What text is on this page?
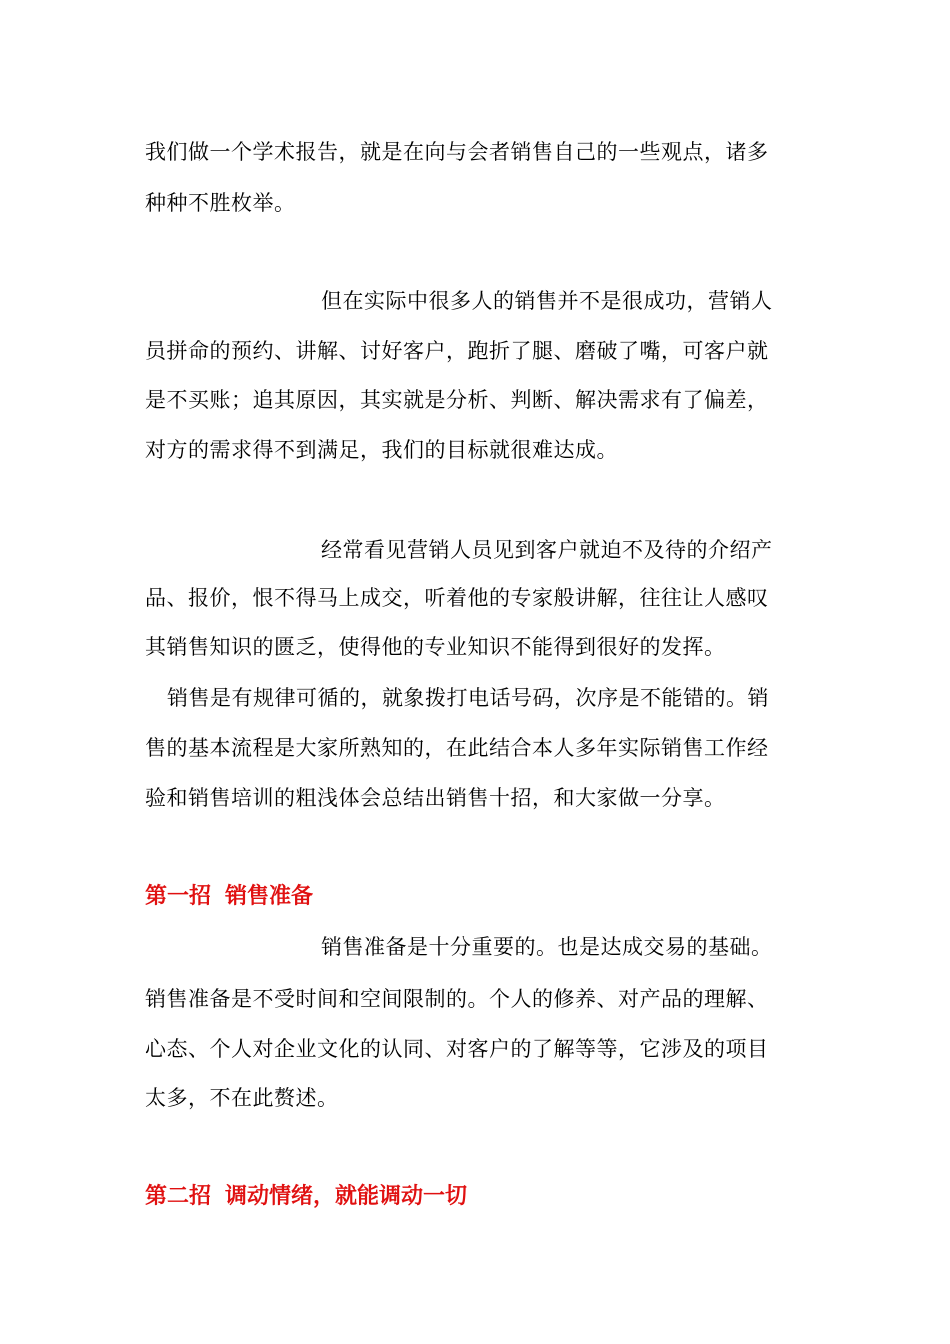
我们做一个学术报告，就是在向与会者销售自己的一些观点，诸多
种种不胜枚举。
但在实际中很多人的销售并不是很成功，营销人
员拼命的预约、讲解、讨好客户，跑折了腿、磨破了嘴，可客户就
是不买账；追其原因，其实就是分析、判断、解决需求有了偏差，
对方的需求得不到满足，我们的目标就很难达成。
经常看见营销人员见到客户就迫不及待的介绍产
品、报价，恨不得马上成交，听着他的专家般讲解，往往让人感叹
其销售知识的匮乏，使得他的专业知识不能得到很好的发挥。
销售是有规律可循的，就象拨打电话号码，次序是不能错的。销
售的基本流程是大家所熟知的，在此结合本人多年实际销售工作经
验和销售培训的粗浅体会总结出销售十招，和大家做一分享。
第一招 销售准备
销售准备是十分重要的。也是达成交易的基础。
销售准备是不受时间和空间限制的。个人的修养、对产品的理解、
心态、个人对企业文化的认同、对客户的了解等等，它涉及的项目
太多，不在此赘述。
第二招 调动情绪，就能调动一切
